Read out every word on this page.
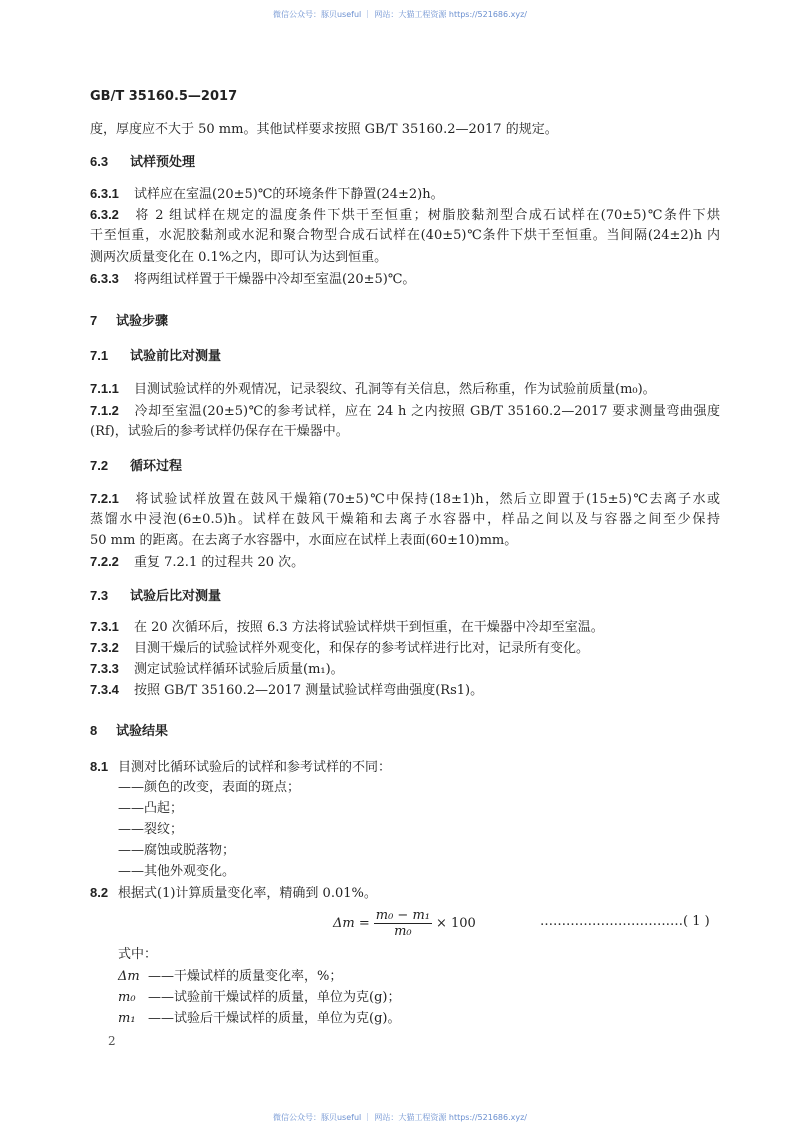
微信公众号：豚贝useful ｜ 网站：大猫工程资源 https://521686.xyz/
GB/T 35160.5—2017
度，厚度应不大于 50 mm。其他试样要求按照 GB/T 35160.2—2017 的规定。
6.3 试样预处理
6.3.1 试样应在室温(20±5)℃的环境条件下静置(24±2)h。
6.3.2 将 2 组试样在规定的温度条件下烘干至恒重；树脂胶黏剂型合成石试样在(70±5)℃条件下烘
干至恒重，水泥胶黏剂或水泥和聚合物型合成石试样在(40±5)℃条件下烘干至恒重。当间隔(24±2)h 内
测两次质量变化在 0.1%之内，即可认为达到恒重。
6.3.3 将两组试样置于干燥器中冷却至室温(20±5)℃。
7 试验步骤
7.1 试验前比对测量
7.1.1 目测试验试样的外观情况，记录裂纹、孔洞等有关信息，然后称重，作为试验前质量(m₀)。
7.1.2 冷却至室温(20±5)℃的参考试样，应在 24 h 之内按照 GB/T 35160.2—2017 要求测量弯曲强度
(Rf)，试验后的参考试样仍保存在干燥器中。
7.2 循环过程
7.2.1 将试验试样放置在鼓风干燥箱(70±5)℃中保持(18±1)h，然后立即置于(15±5)℃去离子水或
蒸馏水中浸泡(6±0.5)h。试样在鼓风干燥箱和去离子水容器中，样品之间以及与容器之间至少保持
50 mm 的距离。在去离子水容器中，水面应在试样上表面(60±10)mm。
7.2.2 重复 7.2.1 的过程共 20 次。
7.3 试验后比对测量
7.3.1 在 20 次循环后，按照 6.3 方法将试验试样烘干到恒重，在干燥器中冷却至室温。
7.3.2 目测干燥后的试验试样外观变化，和保存的参考试样进行比对，记录所有变化。
7.3.3 测定试验试样循环试验后质量(m₁)。
7.3.4 按照 GB/T 35160.2—2017 测量试验试样弯曲强度(Rs1)。
8 试验结果
8.1 目测对比循环试验后的试样和参考试样的不同：
——颜色的改变，表面的斑点；
——凸起；
——裂纹；
——腐蚀或脱落物；
——其他外观变化。
8.2 根据式(1)计算质量变化率，精确到 0.01%。
$\Delta m = \frac{\text{m₀ − m₁}}{\text{m₀}} \times 100$	……………………………( 1 )
式中：
Δm ——干燥试样的质量变化率，%；
m₀ ——试验前干燥试样的质量，单位为克(g)；
m₁ ——试验后干燥试样的质量，单位为克(g)。
2
微信公众号：豚贝useful ｜ 网站：大猫工程资源 https://521686.xyz/
